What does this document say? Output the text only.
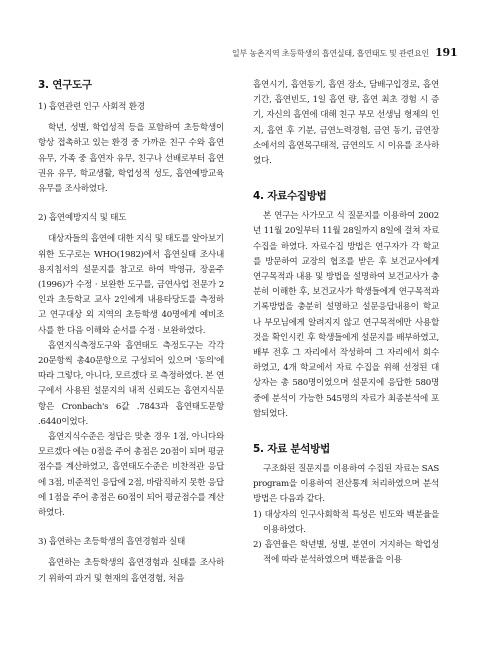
일부 농촌지역 초등학생의 흡연실태, 흡연태도 및 관련요인 191
3. 연구도구
1) 흡연관련 인구 사회적 환경

학년, 성별, 학업성적 등을 포함하여 초등학생이 항상 접촉하고 있는 환경 중 가까운 친구 수와 흡연유무, 가족 중 흡연자 유무, 친구나 선배로부터 흡연권유 유무, 학교생활, 학업성적 성도, 흡연예방교육유무를 조사하였다.

2) 흡연예방지식 및 태도

대상자들의 흡연에 대한 지식 및 태도를 알아보기 위한 도구로는 WHO(1982)에서 흡연실태 조사내용지침서의 설문지를 참고로 하여 박영규, 장윤주(1996)가 수정 · 보완한 도구를, 금연사업 전문가 2인과 초등학교 교사 2인에게 내용타당도를 측정하고 연구대상 외 지역의 초등학생 40명에게 예비조사를 한 다음 이해와 순서를 수정 · 보완하였다.

흡연지식측정도구와 흡연태도 측정도구는 각각 20문항씩 총40문항으로 구성되어 있으며 '동의'에 따라 그렇다, 아니다, 모르겠다 로 측정하였다. 본 연구에서 사용된 설문지의 내적 신뢰도는 흡연지식문항은 Cronbach's 6값 .7843과 흡연태도문항 .6440이었다.

흡연지식수준은 정답은 맞춘 경우 1점, 아니다와 모르겠다 에는 0점을 주어 총점은 20점이 되며 평균점수를 계산하였고, 흡연태도수준은 비찬적관 응답에 3점, 비준적인 응답에 2점, 바람직하지 못한 응답에 1점을 주어 총점은 60점이 되어 평균점수를 계산하였다.

3) 흡연하는 초등학생의 흡연경험과 실태

흡연하는 초등학생의 흡연경험과 실태를 조사하기 위하여 과거 및 현재의 흡연경험, 처음

흡연시기, 흡연동기, 흡연 장소, 담배구입경로, 흡연기간, 흡연빈도, 1일 흡연 량, 흡연 최초 경험 시 증기, 자신의 흡연에 대해 친구 부모 선생님 형제의 인지, 흡연 후 기분, 금연노력경험, 금연 동기, 금연장소에서의 흡연목구태적, 금연의도 시 이유를 조사하였다.

4. 자료수집방법

본 연구는 사가모고 식 질문지를 이용하여 2002년 11월 20일부터 11월 28일까지 8일에 걸쳐 자료 수집을 하였다. 자료수집 방법은 연구자가 각 학교를 방문하여 교장의 협조를 받은 후 보건교사에게 연구목적과 내용 및 방법을 설명하여 보건교사가 충분히 이해한 후, 보건교사가 학생들에게 연구목적과 기록방법을 충분히 설명하고 설문응답내용이 학교나 부모님에게 알려지지 않고 연구목적에만 사용할 것을 확인시킨 후 학생들에게 설문지를 배부하였고, 배부 전후 그 자리에서 작성하여 그 자리에서 회수하였고, 4개 학교에서 자료 수집을 위해 선정된 대상자는 총 580명이었으며 설문지에 응답한 580명중에 분석이 가능한 545명의 자료가 최종분석에 포함되었다.

5. 자료 분석방법

구조화된 질문지를 이용하여 수집된 자료는 SAS program을 이용하여 전산통계 처리하였으며 분석방법은 다음과 같다.

1) 대상자의 인구사회학적 특성은 빈도와 백분율을 이용하였다.
2) 흡연율은 학년별, 성별, 분연이 거지하는 학업성적에 따라 분석하였으며 백분율을 이용
